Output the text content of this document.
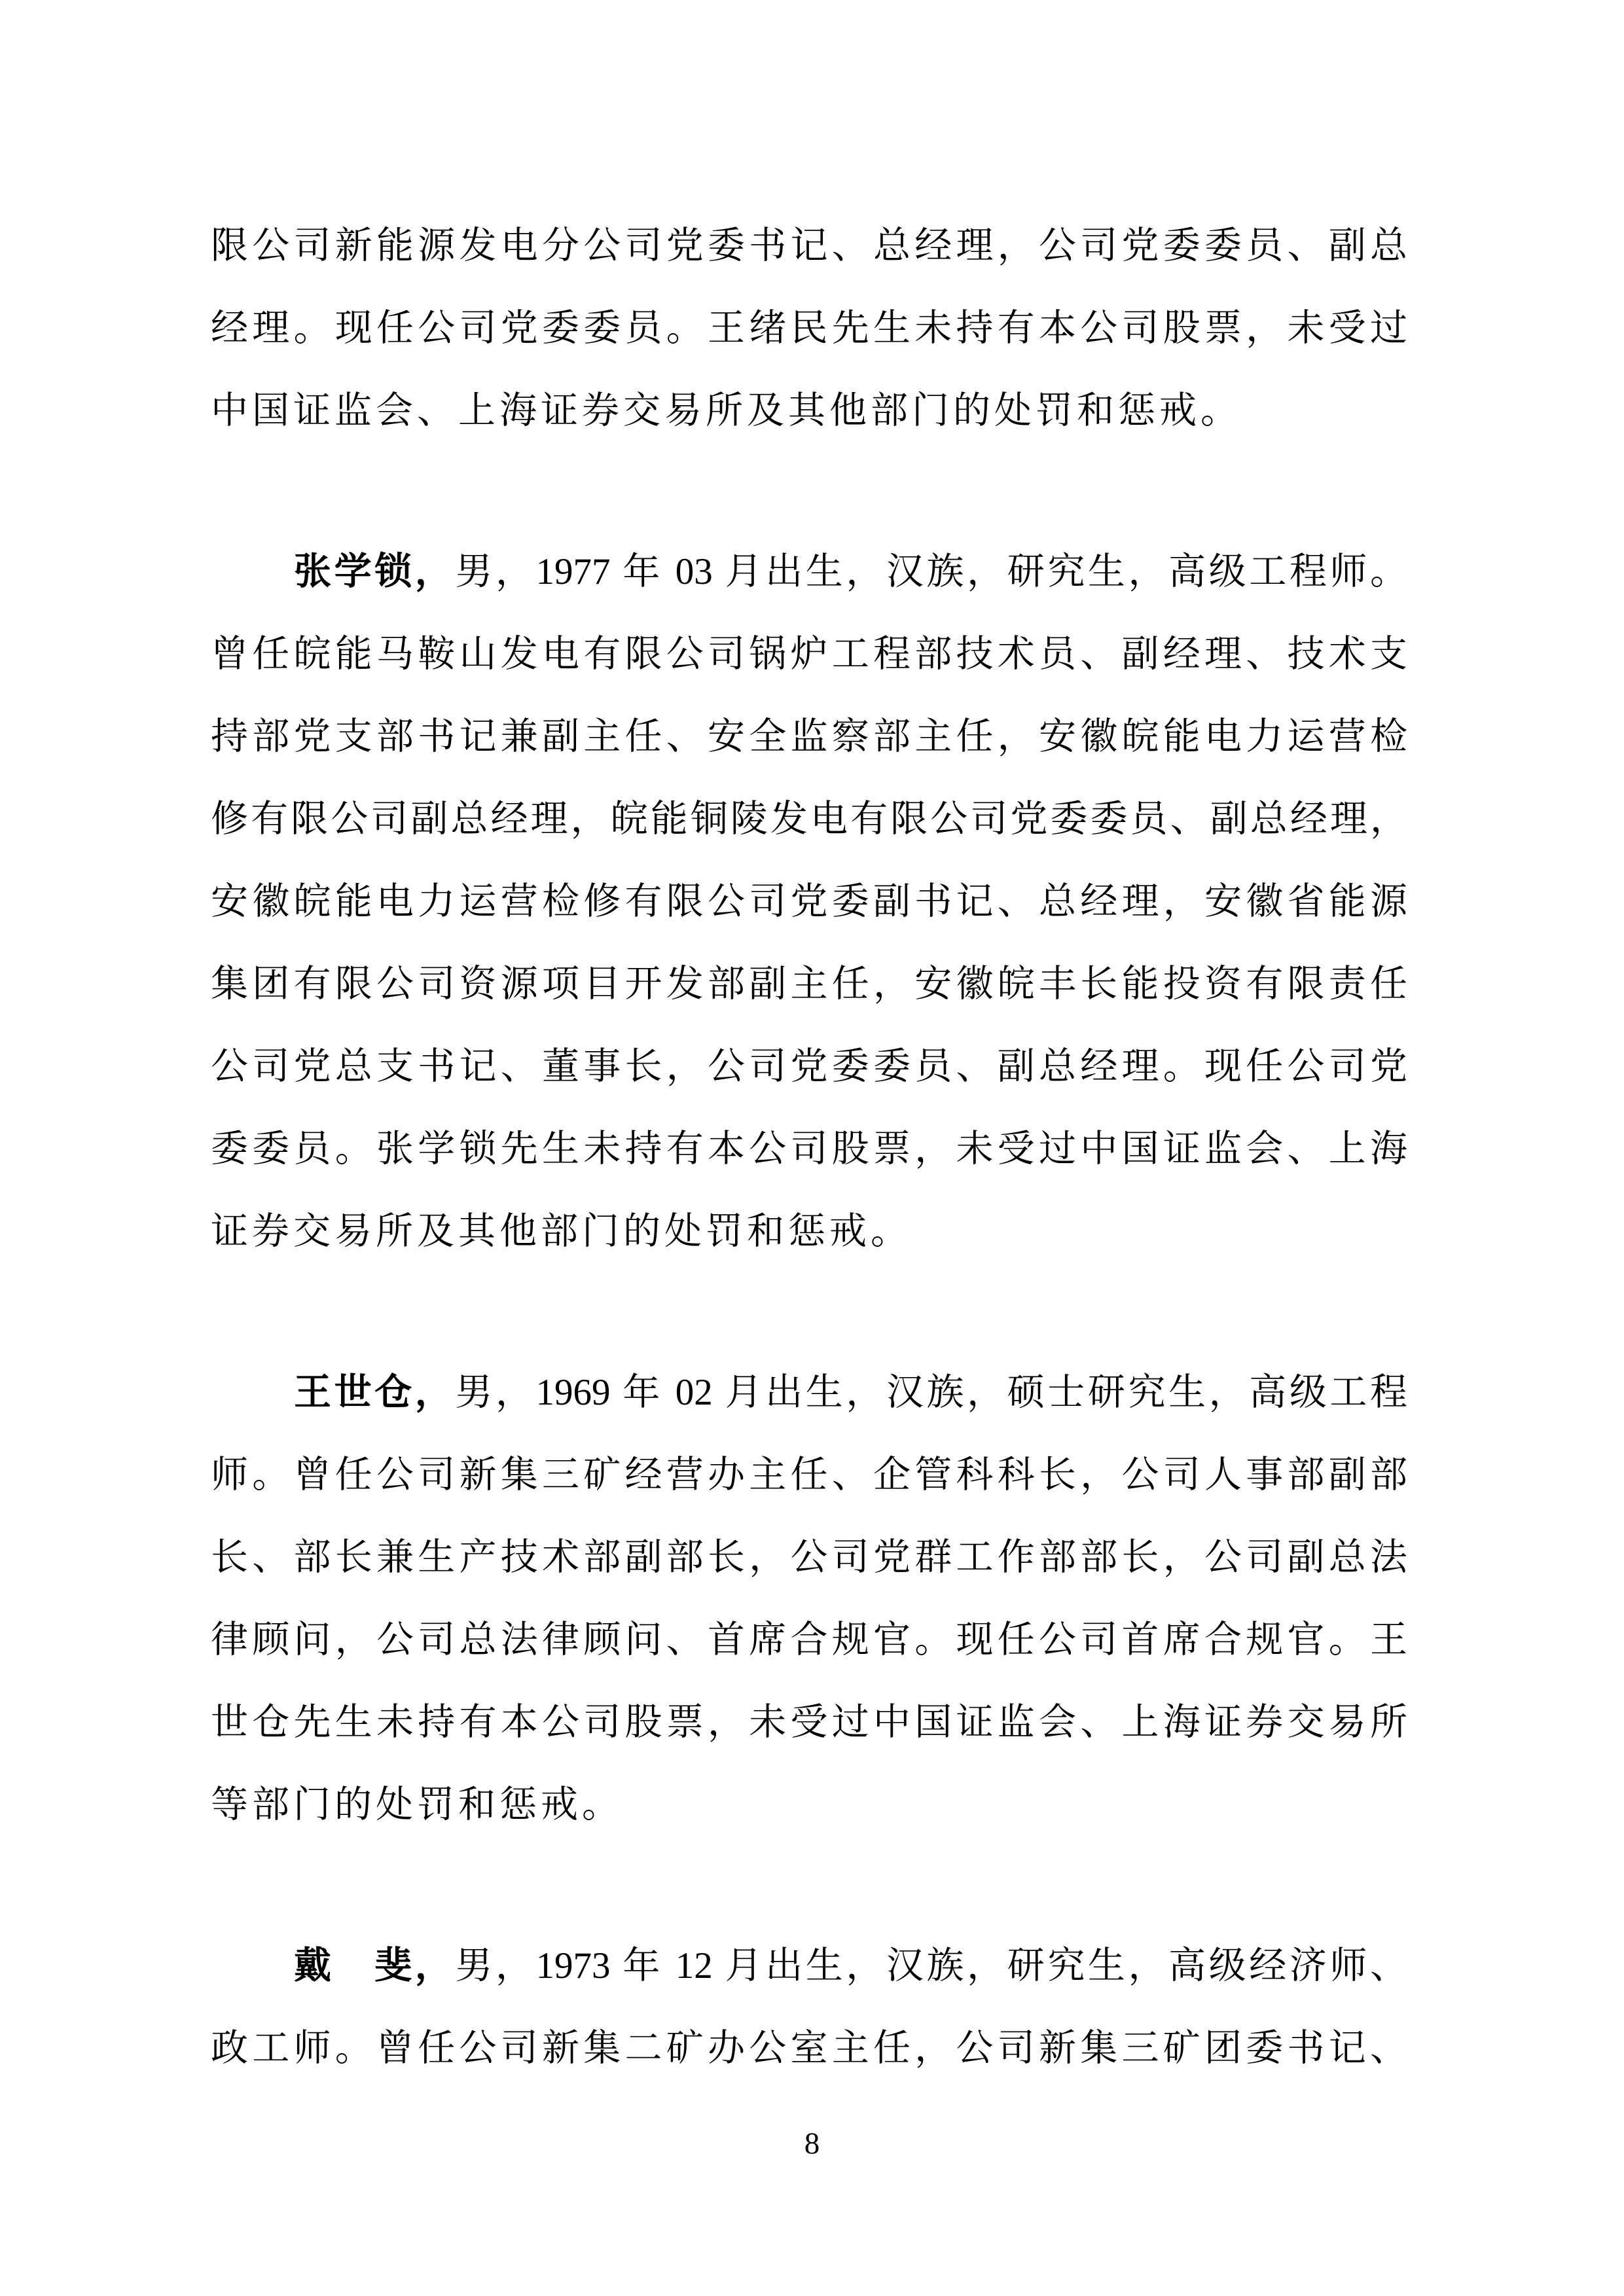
限公司新能源发电分公司党委书记、总经理，公司党委委员、副总
经理。现任公司党委委员。王绪民先生未持有本公司股票，未受过
中国证监会、上海证券交易所及其他部门的处罚和惩戒。
张学锁，男，1977 年 03 月出生，汉族，研究生，高级工程师。
曾任皖能马鞍山发电有限公司锅炉工程部技术员、副经理、技术支
持部党支部书记兼副主任、安全监察部主任，安徽皖能电力运营检
修有限公司副总经理，皖能铜陵发电有限公司党委委员、副总经理，
安徽皖能电力运营检修有限公司党委副书记、总经理，安徽省能源
集团有限公司资源项目开发部副主任，安徽皖丰长能投资有限责任
公司党总支书记、董事长，公司党委委员、副总经理。现任公司党
委委员。张学锁先生未持有本公司股票，未受过中国证监会、上海
证券交易所及其他部门的处罚和惩戒。
王世仓，男，1969 年 02 月出生，汉族，硕士研究生，高级工程
师。曾任公司新集三矿经营办主任、企管科科长，公司人事部副部
长、部长兼生产技术部副部长，公司党群工作部部长，公司副总法
律顾问，公司总法律顾问、首席合规官。现任公司首席合规官。王
世仓先生未持有本公司股票，未受过中国证监会、上海证券交易所
等部门的处罚和惩戒。
戴　斐，男，1973 年 12 月出生，汉族，研究生，高级经济师、
政工师。曾任公司新集二矿办公室主任，公司新集三矿团委书记、
8
